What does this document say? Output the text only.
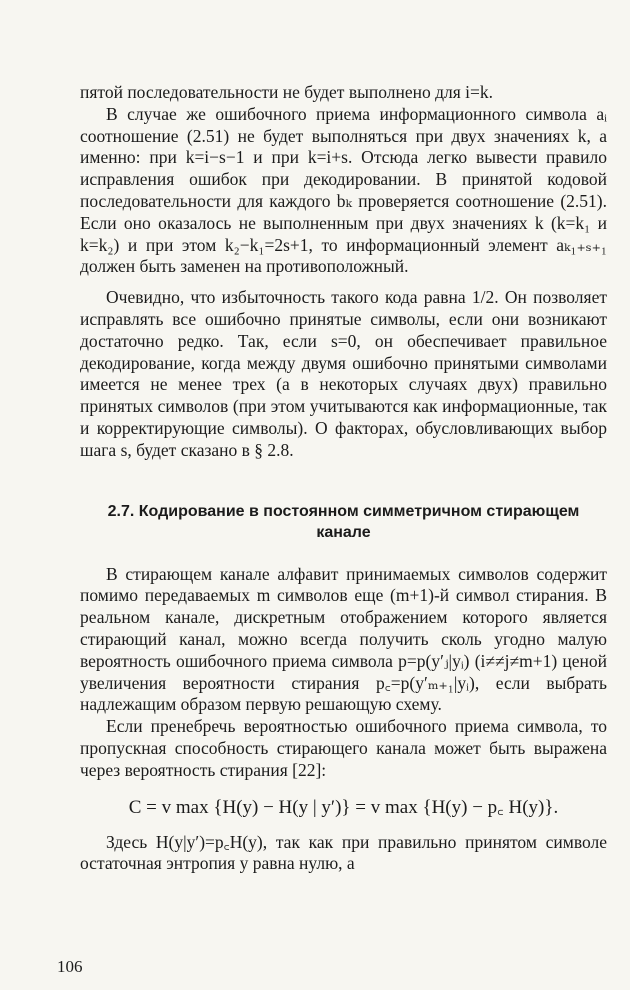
пятой последовательности не будет выполнено для i=k.

В случае же ошибочного приема информационного символа aᵢ соотношение (2.51) не будет выполняться при двух значениях k, а именно: при k=i−s−1 и при k=i+s. Отсюда легко вывести правило исправления ошибок при декодировании. В принятой кодовой последовательности для каждого bₖ проверяется соотношение (2.51). Если оно оказалось не выполненным при двух значениях k (k=k₁ и k=k₂) и при этом k₂−k₁=2s+1, то информационный элемент aₖ₁₊ₛ₊₁ должен быть заменен на противоположный.

Очевидно, что избыточность такого кода равна 1/2. Он позволяет исправлять все ошибочно принятые символы, если они возникают достаточно редко. Так, если s=0, он обеспечивает правильное декодирование, когда между двумя ошибочно принятыми символами имеется не менее трех (а в некоторых случаях двух) правильно принятых символов (при этом учитываются как информационные, так и корректирующие символы). О факторах, обусловливающих выбор шага s, будет сказано в § 2.8.

2.7. Кодирование в постоянном симметричном стирающем канале

В стирающем канале алфавит принимаемых символов содержит помимо передаваемых m символов еще (m+1)-й символ стирания. В реальном канале, дискретным отображением которого является стирающий канал, можно всегда получить сколь угодно малую вероятность ошибочного приема символа p=p(y′ⱼ|yᵢ) (i≠≠j≠m+1) ценой увеличения вероятности стирания p꜀=p(y′ₘ₊₁|yᵢ), если выбрать надлежащим образом первую решающую схему.

Если пренебречь вероятностью ошибочного приема символа, то пропускная способность стирающего канала может быть выражена через вероятность стирания [22]:

C = v max {H(y) − H(y | y′)} = v max {H(y) − p꜀ H(y)}.

Здесь H(y|y′)=p꜀H(y), так как при правильно принятом символе остаточная энтропия y равна нулю, а

106
